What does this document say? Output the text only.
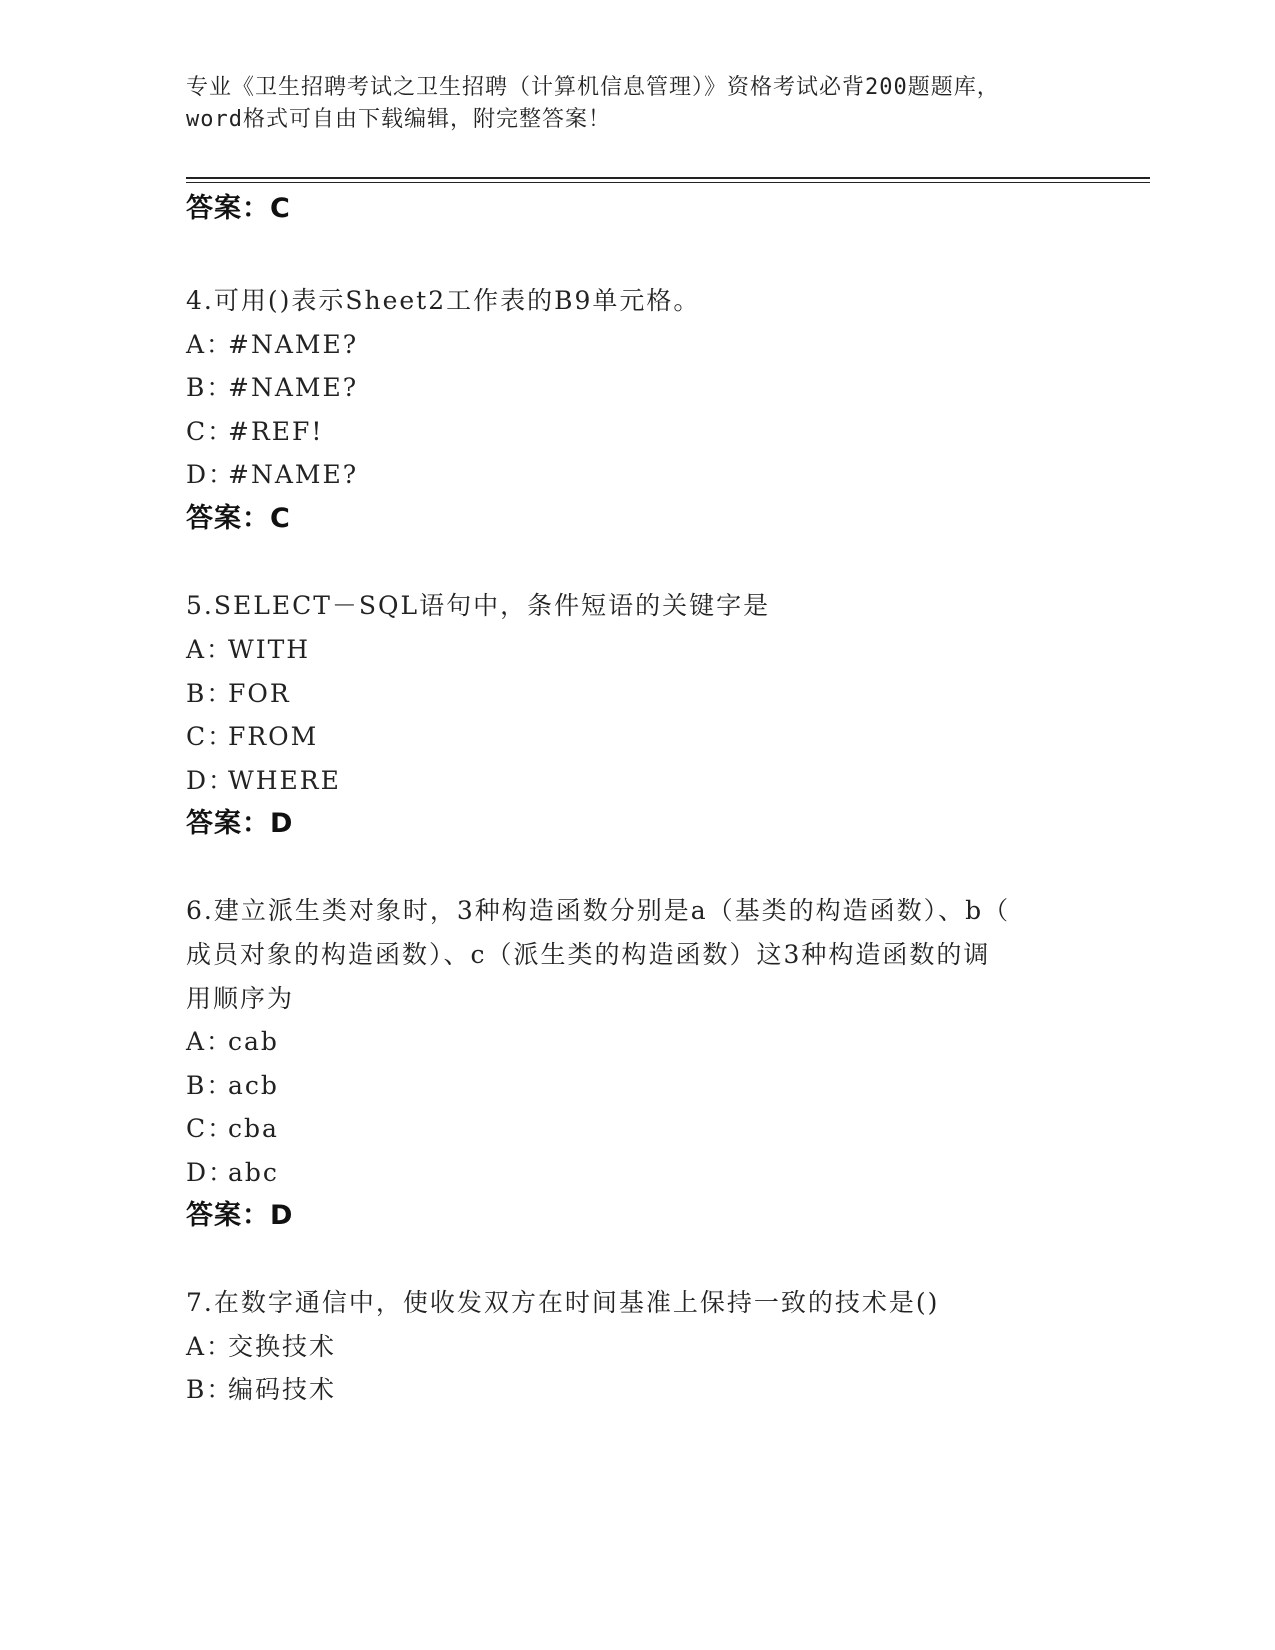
专业《卫生招聘考试之卫生招聘（计算机信息管理）》资格考试必背200题题库，

word格式可自由下载编辑，附完整答案！

答案：C
4.可用()表示Sheet2工作表的B9单元格。
A：#NAME?
B：#NAME?
C：#REF!
D：#NAME?
答案：C
5.SELECT－SQL语句中，条件短语的关键字是
A：WITH
B：FOR
C：FROM
D：WHERE
答案：D
6.建立派生类对象时，3种构造函数分别是a（基类的构造函数）、b（
成员对象的构造函数）、c（派生类的构造函数）这3种构造函数的调
用顺序为
A：cab
B：acb
C：cba
D：abc
答案：D
7.在数字通信中，使收发双方在时间基准上保持一致的技术是()
A：交换技术
B：编码技术
